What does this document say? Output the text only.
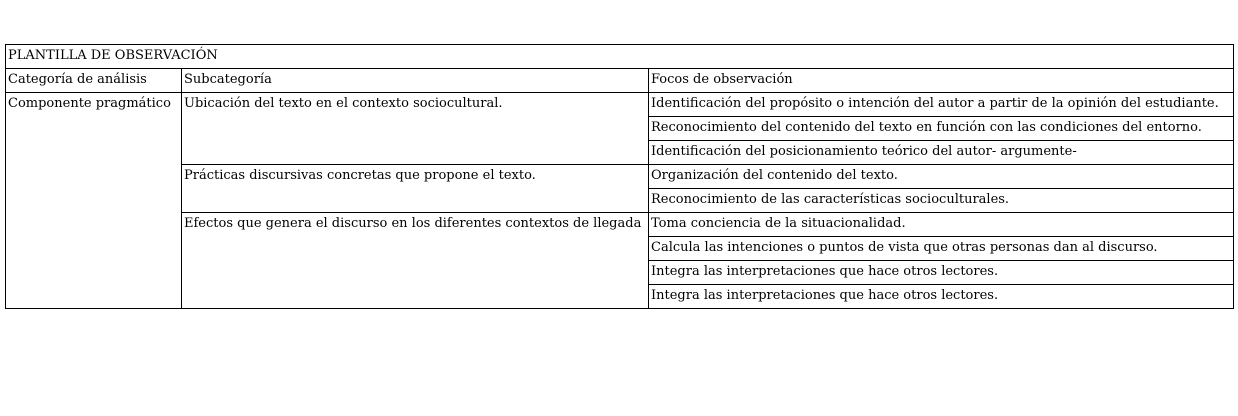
PLANTILLA DE OBSERVACIÓN		
Categoría de análisis	Subcategoría	Focos de observación
Componente pragmático	Ubicación del texto en el contexto sociocultural.	Identificación del propósito o intención del autor a partir de la opinión del estudiante.
		Reconocimiento del contenido del texto en función con las condiciones del entorno.
		Identificación del posicionamiento teórico del autor- argumente-
	Prácticas discursivas concretas que propone el texto.	Organización del contenido del texto.
		Reconocimiento de las características socioculturales.
	Efectos que genera el discurso en los diferentes contextos de llegada	Toma conciencia de la situacionalidad.
		Calcula las intenciones o puntos de vista que otras personas dan al discurso.
		Integra las interpretaciones que hace otros lectores.
		Integra las interpretaciones que hace otros lectores.
